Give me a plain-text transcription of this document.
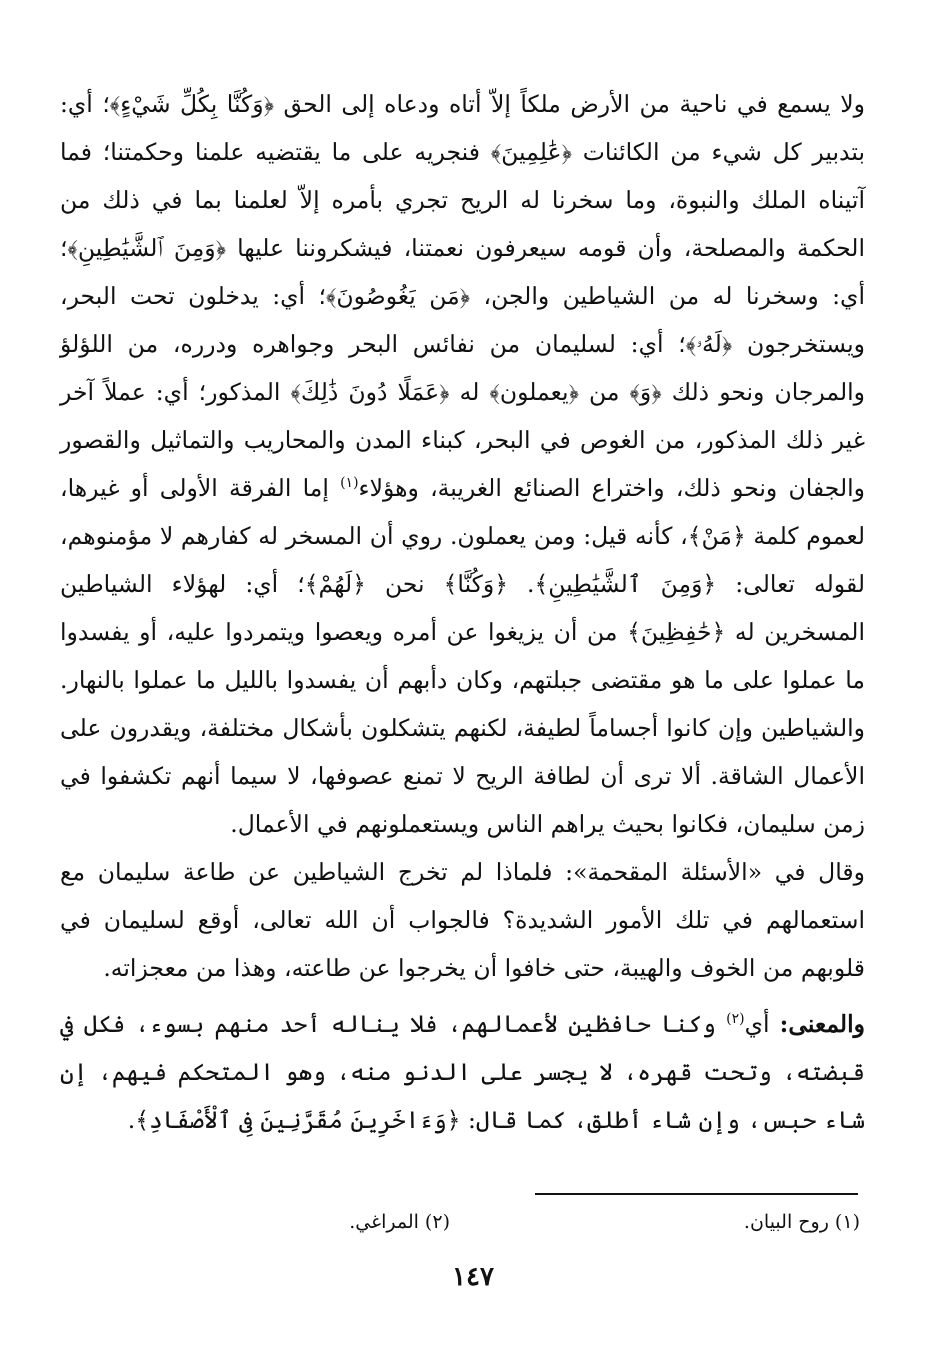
ولا يسمع في ناحية من الأرض ملكاً إلاّ أتاه ودعاه إلى الحق ﴿وَكُنَّا بِكُلِّ شَيْءٍ﴾؛ أي: بتدبير كل شيء من الكائنات ﴿عَٰلِمِينَ﴾ فنجريه على ما يقتضيه علمنا وحكمتنا؛ فما آتيناه الملك والنبوة، وما سخرنا له الريح تجري بأمره إلاّ لعلمنا بما في ذلك من الحكمة والمصلحة، وأن قومه سيعرفون نعمتنا، فيشكروننا عليها ﴿وَمِنَ ٱلشَّيَٰطِينِ﴾؛ أي: وسخرنا له من الشياطين والجن، ﴿مَن يَغُوصُونَ﴾؛ أي: يدخلون تحت البحر، ويستخرجون ﴿لَهُۥ﴾؛ أي: لسليمان من نفائس البحر وجواهره ودرره، من اللؤلؤ والمرجان ونحو ذلك ﴿وَ﴾ من ﴿يعملون﴾ له ﴿عَمَلًا دُونَ ذَٰلِكَ﴾ المذكور؛ أي: عملاً آخر غير ذلك المذكور، من الغوص في البحر، كبناء المدن والمحاريب والتماثيل والقصور والجفان ونحو ذلك، واختراع الصنائع الغريبة، وهؤلاء$^{(١)}$ إما الفرقة الأولى أو غيرها، لعموم كلمة ﴿مَنْ﴾، كأنه قيل: ومن يعملون. روي أن المسخر له كفارهم لا مؤمنوهم، لقوله تعالى: ﴿وَمِنَ ٱلشَّيَٰطِينِ﴾. ﴿وَكُنَّا﴾ نحن ﴿لَهُمْ﴾؛ أي: لهؤلاء الشياطين المسخرين له ﴿حَٰفِظِينَ﴾ من أن يزيغوا عن أمره ويعصوا ويتمردوا عليه، أو يفسدوا ما عملوا على ما هو مقتضى جبلتهم، وكان دأبهم أن يفسدوا بالليل ما عملوا بالنهار. والشياطين وإن كانوا أجساماً لطيفة، لكنهم يتشكلون بأشكال مختلفة، ويقدرون على الأعمال الشاقة. ألا ترى أن لطافة الريح لا تمنع عصوفها، لا سيما أنهم تكشفوا في زمن سليمان، فكانوا بحيث يراهم الناس ويستعملونهم في الأعمال.

وقال في «الأسئلة المقحمة»: فلماذا لم تخرج الشياطين عن طاعة سليمان مع استعمالهم في تلك الأمور الشديدة؟ فالجواب أن الله تعالى، أوقع لسليمان في قلوبهم من الخوف والهيبة، حتى خافوا أن يخرجوا عن طاعته، وهذا من معجزاته.

والمعنى: أي$^{(٢)}$ وكنا حافظين لأعمالهم، فلا يناله أحد منهم بسوء، فكل في قبضته، وتحت قهره، لا يجسر على الدنو منه، وهو المتحكم فيهم، إن شاء حبس، وإن شاء أطلق، كما قال: ﴿وَءَاخَرِينَ مُقَرَّنِينَ فِى ٱلْأَصْفَادِ﴾.

(١) روح البيان.
(٢) المراغي.
١٤٧
